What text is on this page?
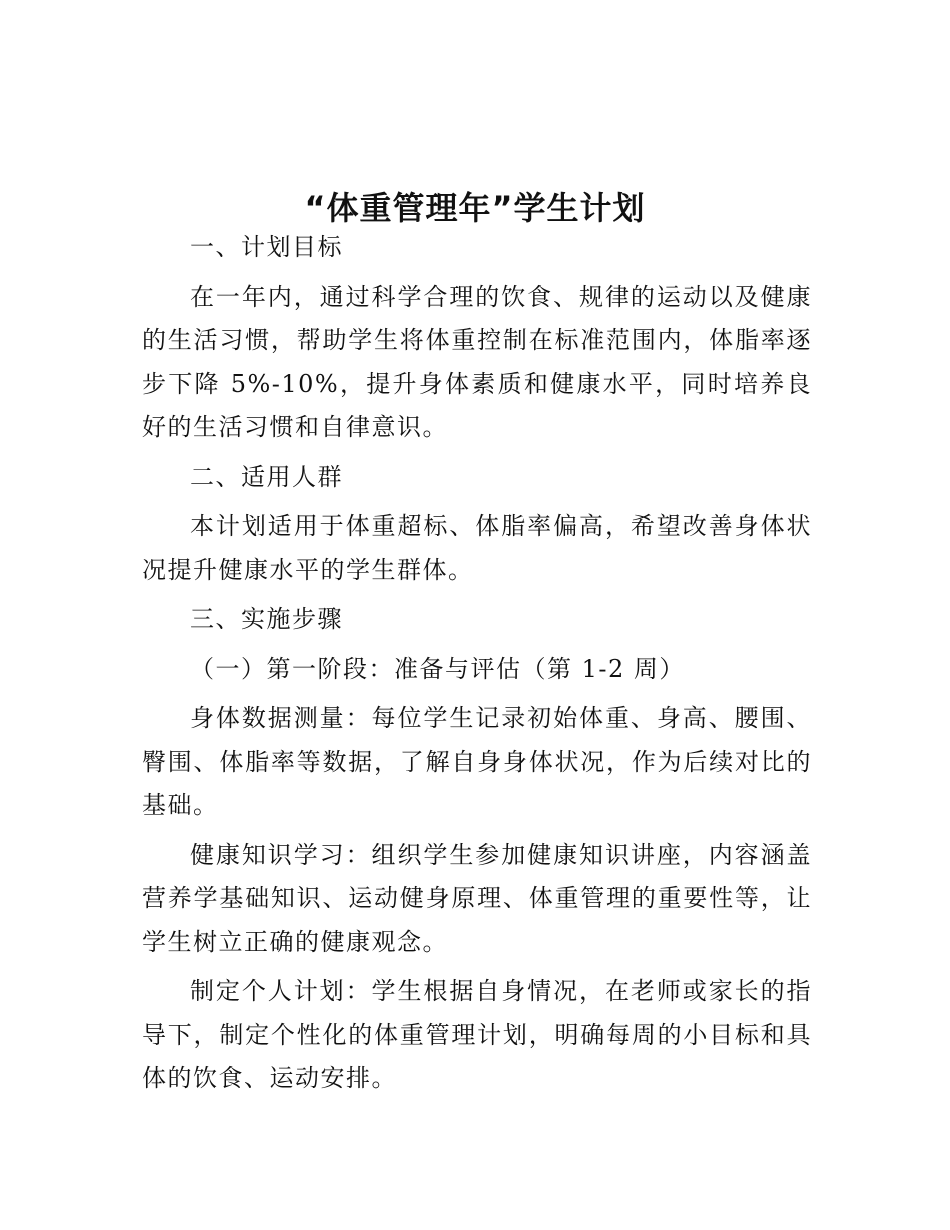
“体重管理年”学生计划

一、计划目标

在一年内，通过科学合理的饮食、规律的运动以及健康的生活习惯，帮助学生将体重控制在标准范围内，体脂率逐步下降 5%-10%，提升身体素质和健康水平，同时培养良好的生活习惯和自律意识。

二、适用人群

本计划适用于体重超标、体脂率偏高，希望改善身体状况提升健康水平的学生群体。

三、实施步骤

（一）第一阶段：准备与评估（第 1-2 周）

身体数据测量：每位学生记录初始体重、身高、腰围、臀围、体脂率等数据，了解自身身体状况，作为后续对比的基础。

健康知识学习：组织学生参加健康知识讲座，内容涵盖营养学基础知识、运动健身原理、体重管理的重要性等，让学生树立正确的健康观念。

制定个人计划：学生根据自身情况，在老师或家长的指导下，制定个性化的体重管理计划，明确每周的小目标和具体的饮食、运动安排。
